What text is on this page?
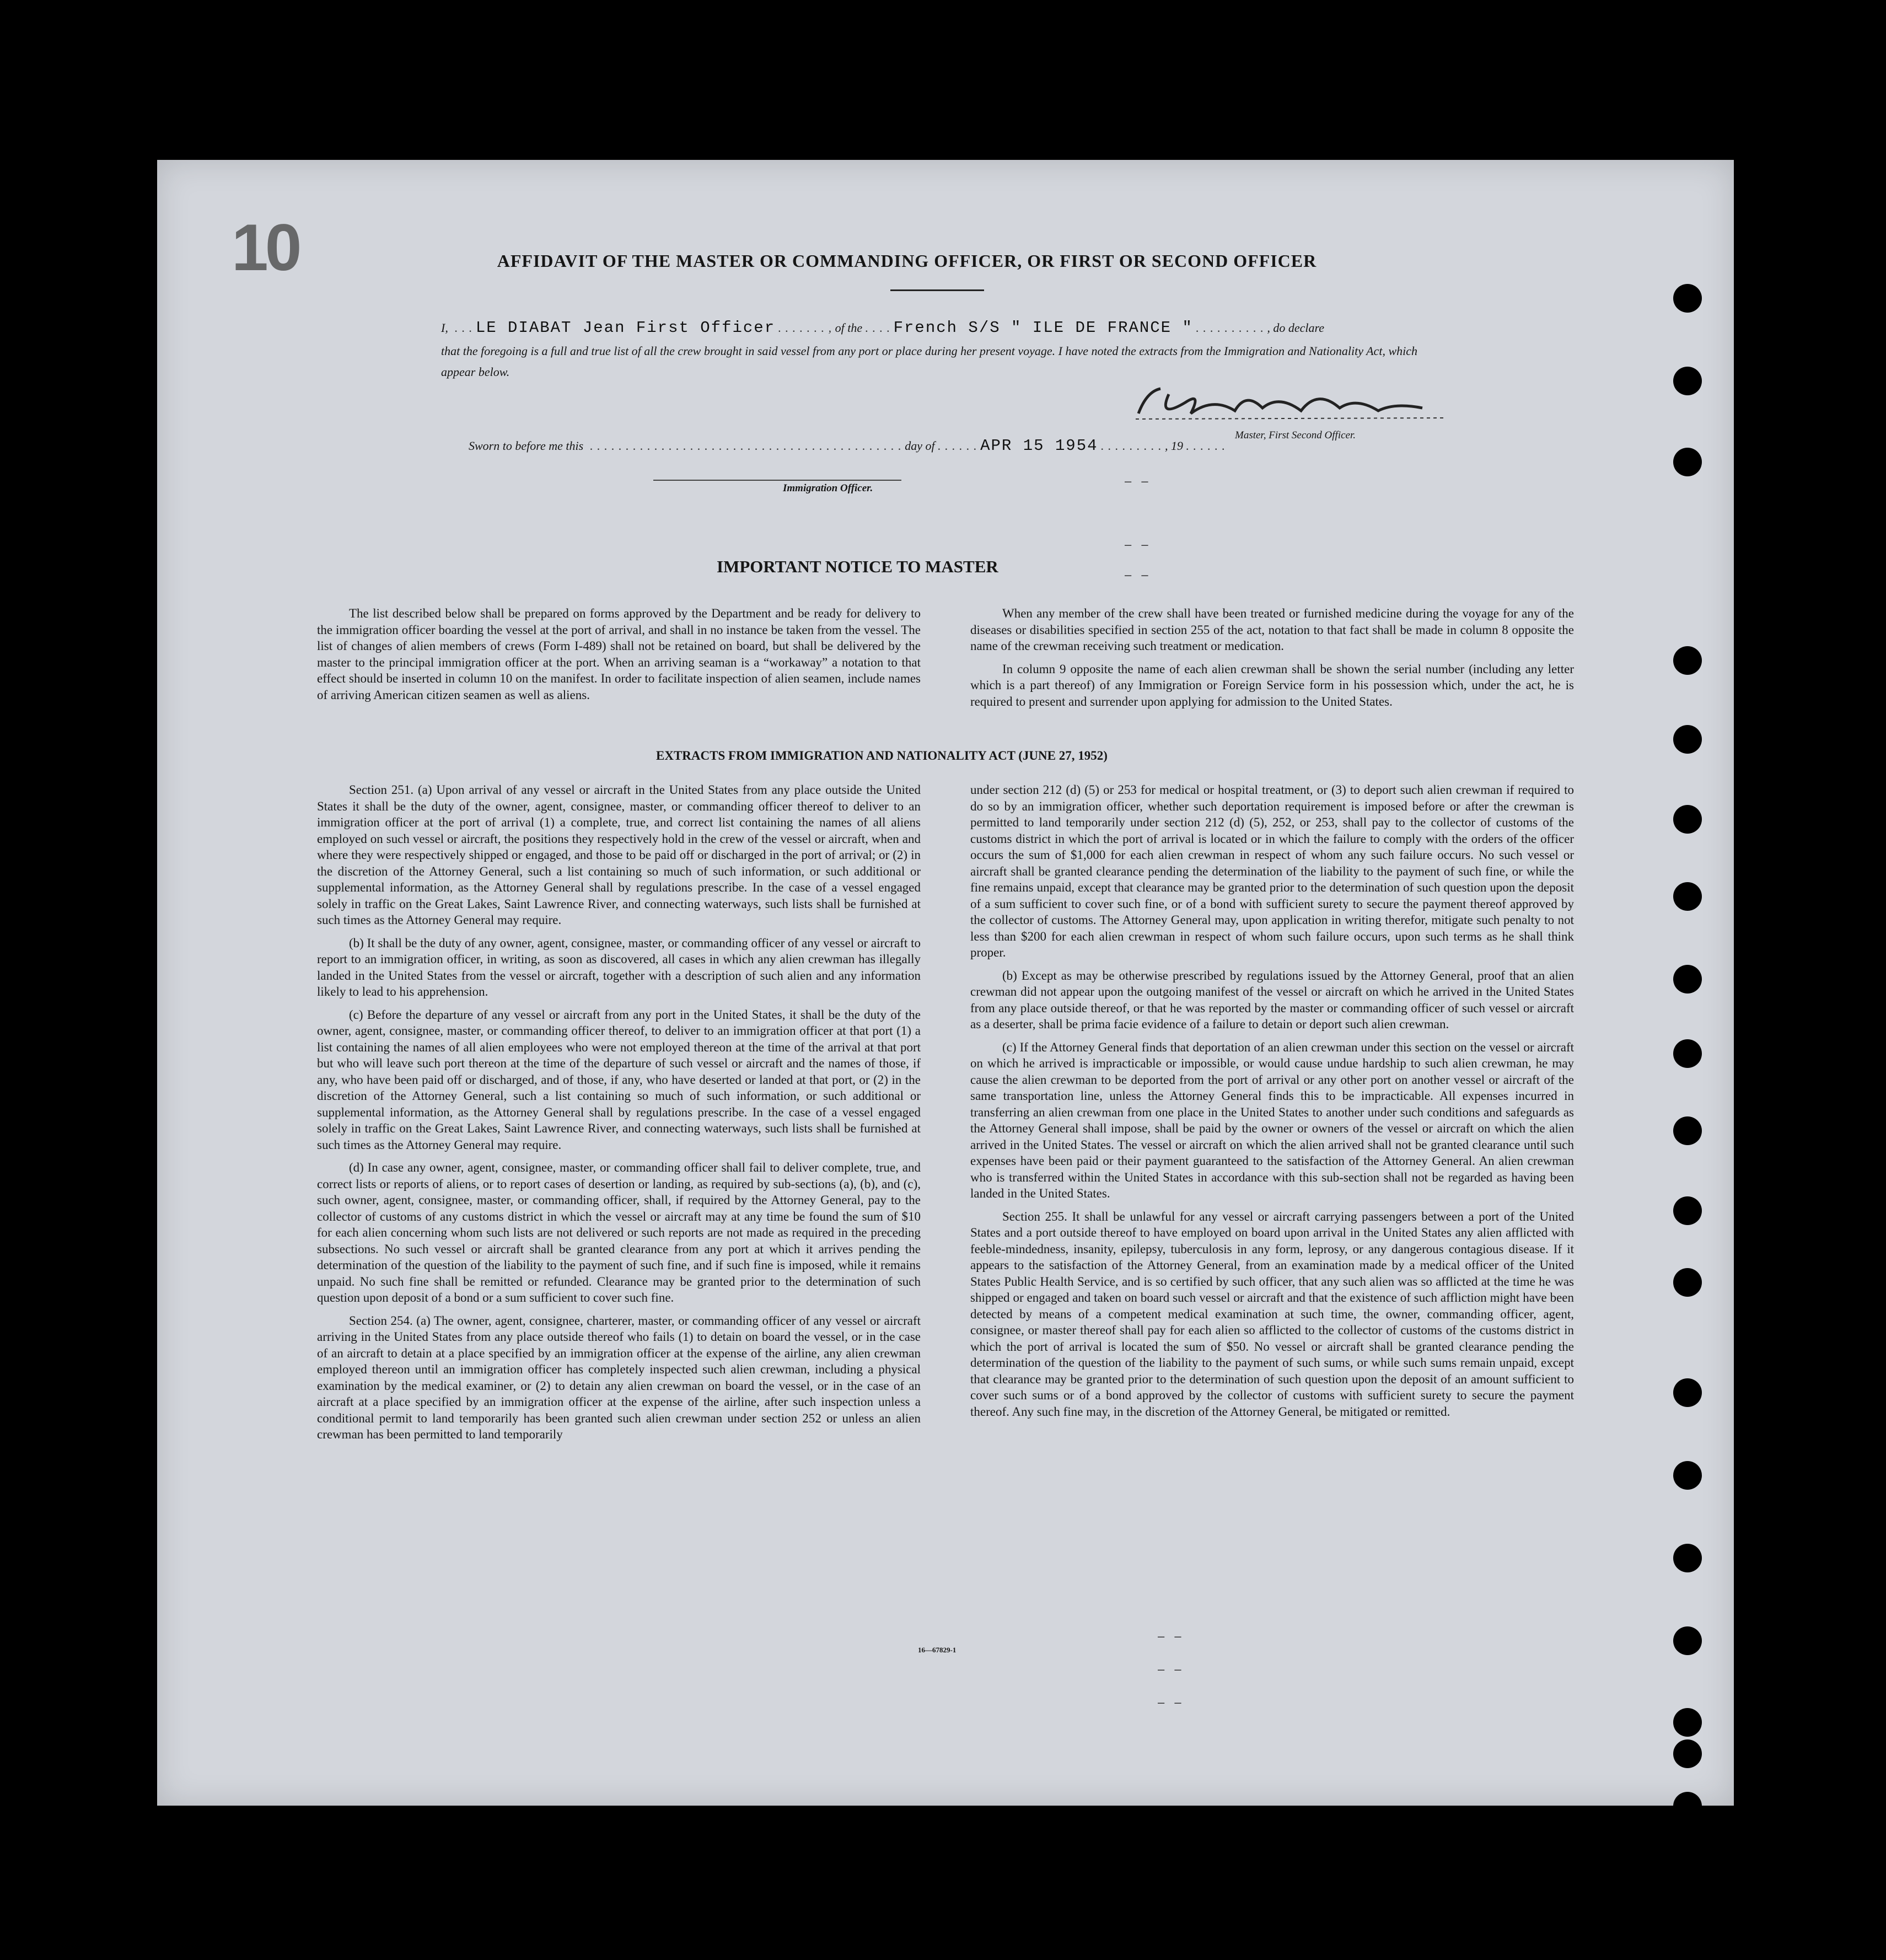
10	AFFIDAVIT OF THE MASTER OR COMMANDING OFFICER, OR FIRST OR SECOND OFFICER
I,  . . . LE DIABAT Jean First Officer . . . . . . . , of the . . . . French S/S " ILE DE FRANCE " . . . . . . . . . . , do declare
that the foregoing is a full and true list of all the crew brought in said vessel from any port or place during her present voyage. I have noted the extracts from the Immigration and Nationality Act, which appear below.
Master, First Second Officer.
Sworn to before me this  . . . . . . . . . . . . . . . . . . . . . . . . . . . . . . . . . . . . . . . . . . . . day of . . . . . . APR 15 1954 . . . . . . . . . , 19 . . . . . .
Immigration Officer.
IMPORTANT NOTICE TO MASTER

The list described below shall be prepared on forms approved by the Department and be ready for delivery to the immigration officer boarding the vessel at the port of arrival, and shall in no instance be taken from the vessel. The list of changes of alien members of crews (Form I-489) shall not be retained on board, but shall be delivered by the master to the principal immigration officer at the port. When an arriving seaman is a “workaway” a notation to that effect should be inserted in column 10 on the manifest. In order to facilitate inspection of alien seamen, include names of arriving American citizen seamen as well as aliens.

When any member of the crew shall have been treated or furnished medicine during the voyage for any of the diseases or disabilities specified in section 255 of the act, notation to that fact shall be made in column 8 opposite the name of the crewman receiving such treatment or medication.

In column 9 opposite the name of each alien crewman shall be shown the serial number (including any letter which is a part thereof) of any Immigration or Foreign Service form in his possession which, under the act, he is required to present and surrender upon applying for admission to the United States.

EXTRACTS FROM IMMIGRATION AND NATIONALITY ACT (JUNE 27, 1952)

Section 251. (a) Upon arrival of any vessel or aircraft in the United States from any place outside the United States it shall be the duty of the owner, agent, consignee, master, or commanding officer thereof to deliver to an immigration officer at the port of arrival (1) a complete, true, and correct list containing the names of all aliens employed on such vessel or aircraft, the positions they respectively hold in the crew of the vessel or aircraft, when and where they were respectively shipped or engaged, and those to be paid off or discharged in the port of arrival; or (2) in the discretion of the Attorney General, such a list containing so much of such information, or such additional or supplemental information, as the Attorney General shall by regulations prescribe. In the case of a vessel engaged solely in traffic on the Great Lakes, Saint Lawrence River, and connecting waterways, such lists shall be furnished at such times as the Attorney General may require.

(b) It shall be the duty of any owner, agent, consignee, master, or commanding officer of any vessel or aircraft to report to an immigration officer, in writing, as soon as discovered, all cases in which any alien crewman has illegally landed in the United States from the vessel or aircraft, together with a description of such alien and any information likely to lead to his apprehension.

(c) Before the departure of any vessel or aircraft from any port in the United States, it shall be the duty of the owner, agent, consignee, master, or commanding officer thereof, to deliver to an immigration officer at that port (1) a list containing the names of all alien employees who were not employed thereon at the time of the arrival at that port but who will leave such port thereon at the time of the departure of such vessel or aircraft and the names of those, if any, who have been paid off or discharged, and of those, if any, who have deserted or landed at that port, or (2) in the discretion of the Attorney General, such a list containing so much of such information, or such additional or supplemental information, as the Attorney General shall by regulations prescribe. In the case of a vessel engaged solely in traffic on the Great Lakes, Saint Lawrence River, and connecting waterways, such lists shall be furnished at such times as the Attorney General may require.

(d) In case any owner, agent, consignee, master, or commanding officer shall fail to deliver complete, true, and correct lists or reports of aliens, or to report cases of desertion or landing, as required by sub-sections (a), (b), and (c), such owner, agent, consignee, master, or commanding officer, shall, if required by the Attorney General, pay to the collector of customs of any customs district in which the vessel or aircraft may at any time be found the sum of $10 for each alien concerning whom such lists are not delivered or such reports are not made as required in the preceding subsections. No such vessel or aircraft shall be granted clearance from any port at which it arrives pending the determination of the question of the liability to the payment of such fine, and if such fine is imposed, while it remains unpaid. No such fine shall be remitted or refunded. Clearance may be granted prior to the determination of such question upon deposit of a bond or a sum sufficient to cover such fine.

Section 254. (a) The owner, agent, consignee, charterer, master, or commanding officer of any vessel or aircraft arriving in the United States from any place outside thereof who fails (1) to detain on board the vessel, or in the case of an aircraft to detain at a place specified by an immigration officer at the expense of the airline, any alien crewman employed thereon until an immigration officer has completely inspected such alien crewman, including a physical examination by the medical examiner, or (2) to detain any alien crewman on board the vessel, or in the case of an aircraft at a place specified by an immigration officer at the expense of the airline, after such inspection unless a conditional permit to land temporarily has been granted such alien crewman under section 252 or unless an alien crewman has been permitted to land temporarily

under section 212 (d) (5) or 253 for medical or hospital treatment, or (3) to deport such alien crewman if required to do so by an immigration officer, whether such deportation requirement is imposed before or after the crewman is permitted to land temporarily under section 212 (d) (5), 252, or 253, shall pay to the collector of customs of the customs district in which the port of arrival is located or in which the failure to comply with the orders of the officer occurs the sum of $1,000 for each alien crewman in respect of whom any such failure occurs. No such vessel or aircraft shall be granted clearance pending the determination of the liability to the payment of such fine, or while the fine remains unpaid, except that clearance may be granted prior to the determination of such question upon the deposit of a sum sufficient to cover such fine, or of a bond with sufficient surety to secure the payment thereof approved by the collector of customs. The Attorney General may, upon application in writing therefor, mitigate such penalty to not less than $200 for each alien crewman in respect of whom such failure occurs, upon such terms as he shall think proper.

(b) Except as may be otherwise prescribed by regulations issued by the Attorney General, proof that an alien crewman did not appear upon the outgoing manifest of the vessel or aircraft on which he arrived in the United States from any place outside thereof, or that he was reported by the master or commanding officer of such vessel or aircraft as a deserter, shall be prima facie evidence of a failure to detain or deport such alien crewman.

(c) If the Attorney General finds that deportation of an alien crewman under this section on the vessel or aircraft on which he arrived is impracticable or impossible, or would cause undue hardship to such alien crewman, he may cause the alien crewman to be deported from the port of arrival or any other port on another vessel or aircraft of the same transportation line, unless the Attorney General finds this to be impracticable. All expenses incurred in transferring an alien crewman from one place in the United States to another under such conditions and safeguards as the Attorney General shall impose, shall be paid by the owner or owners of the vessel or aircraft on which the alien arrived in the United States. The vessel or aircraft on which the alien arrived shall not be granted clearance until such expenses have been paid or their payment guaranteed to the satisfaction of the Attorney General. An alien crewman who is transferred within the United States in accordance with this sub-section shall not be regarded as having been landed in the United States.

Section 255. It shall be unlawful for any vessel or aircraft carrying passengers between a port of the United States and a port outside thereof to have employed on board upon arrival in the United States any alien afflicted with feeble-mindedness, insanity, epilepsy, tuberculosis in any form, leprosy, or any dangerous contagious disease. If it appears to the satisfaction of the Attorney General, from an examination made by a medical officer of the United States Public Health Service, and is so certified by such officer, that any such alien was so afflicted at the time he was shipped or engaged and taken on board such vessel or aircraft and that the existence of such affliction might have been detected by means of a competent medical examination at such time, the owner, commanding officer, agent, consignee, or master thereof shall pay for each alien so afflicted to the collector of customs of the customs district in which the port of arrival is located the sum of $50. No vessel or aircraft shall be granted clearance pending the determination of the question of the liability to the payment of such sums, or while such sums remain unpaid, except that clearance may be granted prior to the determination of such question upon the deposit of an amount sufficient to cover such sums or of a bond approved by the collector of customs with sufficient surety to secure the payment thereof. Any such fine may, in the discretion of the Attorney General, be mitigated or remitted.

16—67829-1
– –
– –
– –
– –
– –
– –
